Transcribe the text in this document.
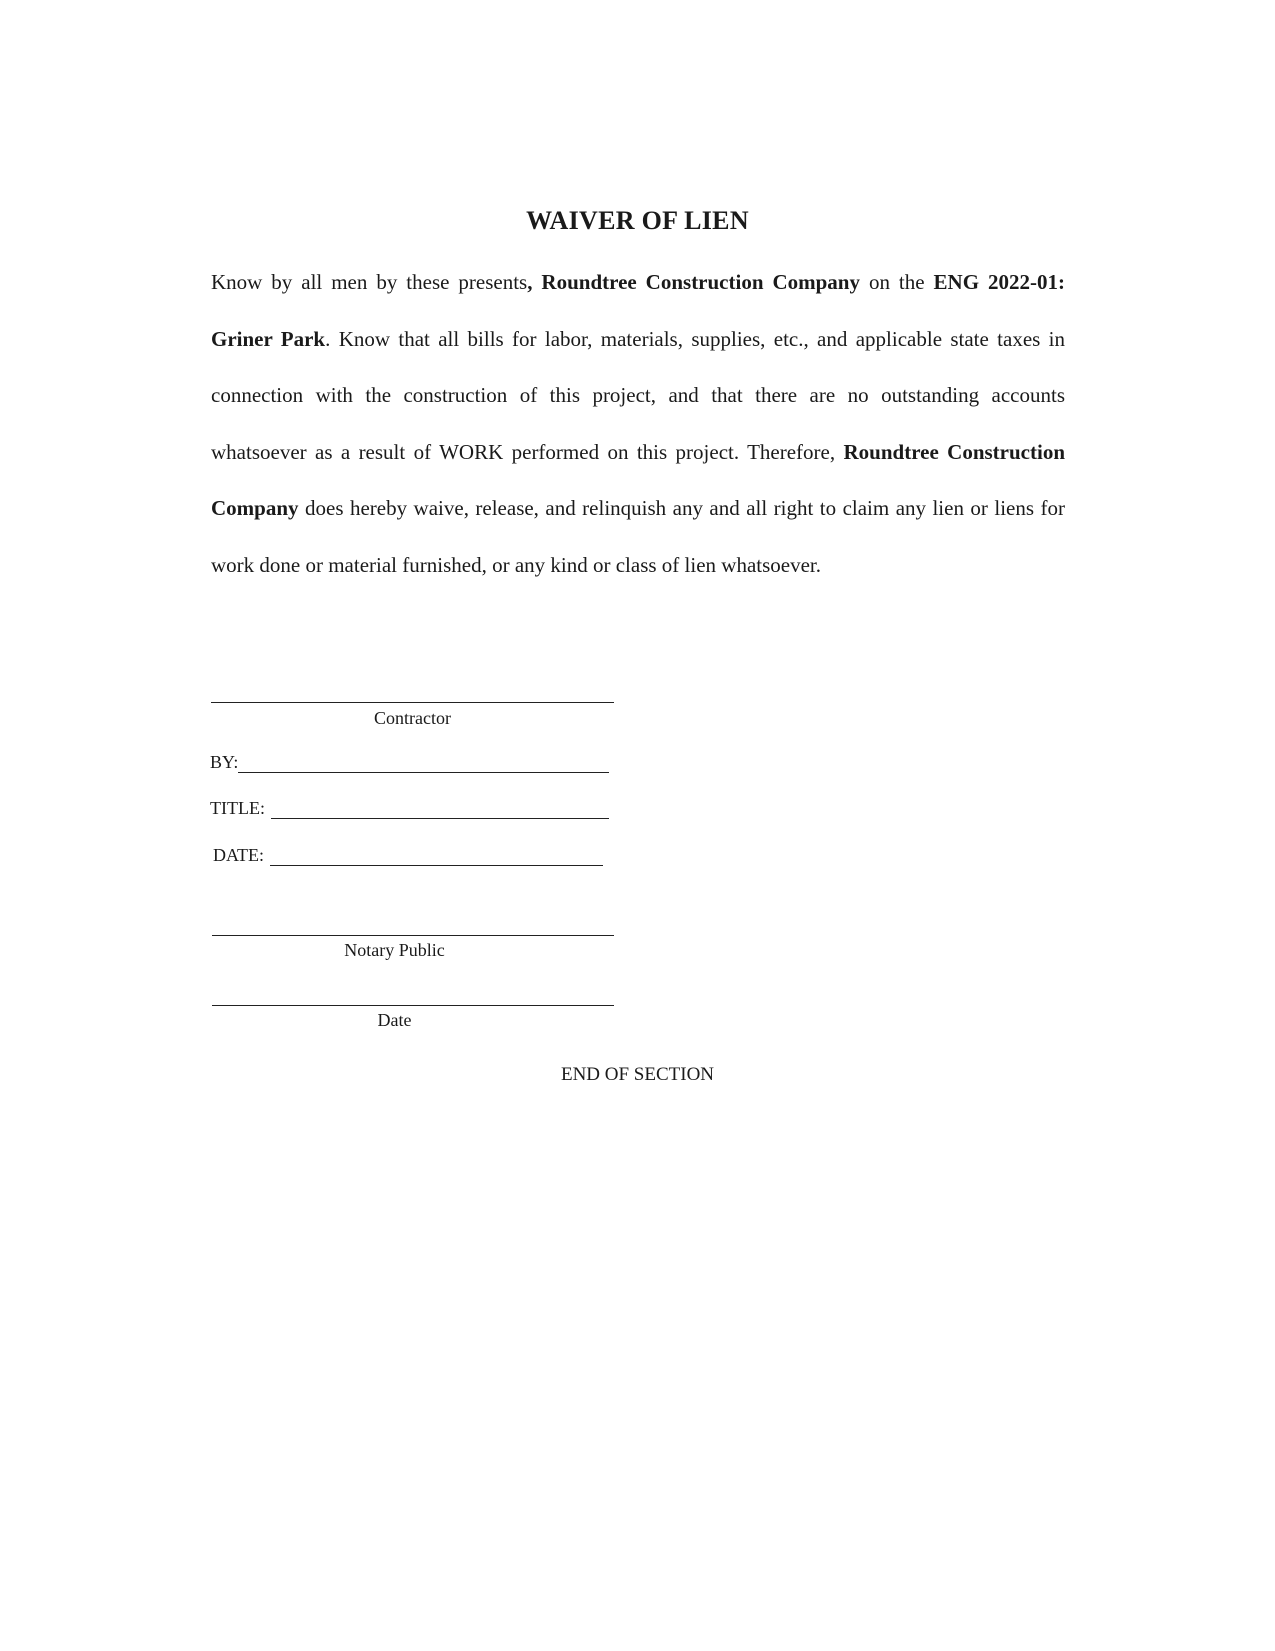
WAIVER OF LIEN

Know by all men by these presents, Roundtree Construction Company on the ENG 2022-01: Griner Park. Know that all bills for labor, materials, supplies, etc., and applicable state taxes in connection with the construction of this project, and that there are no outstanding accounts whatsoever as a result of WORK performed on this project. Therefore, Roundtree Construction Company does hereby waive, release, and relinquish any and all right to claim any lien or liens for work done or material furnished, or any kind or class of lien whatsoever.

Contractor
BY:
TITLE:
DATE:
Notary Public
Date
END OF SECTION
